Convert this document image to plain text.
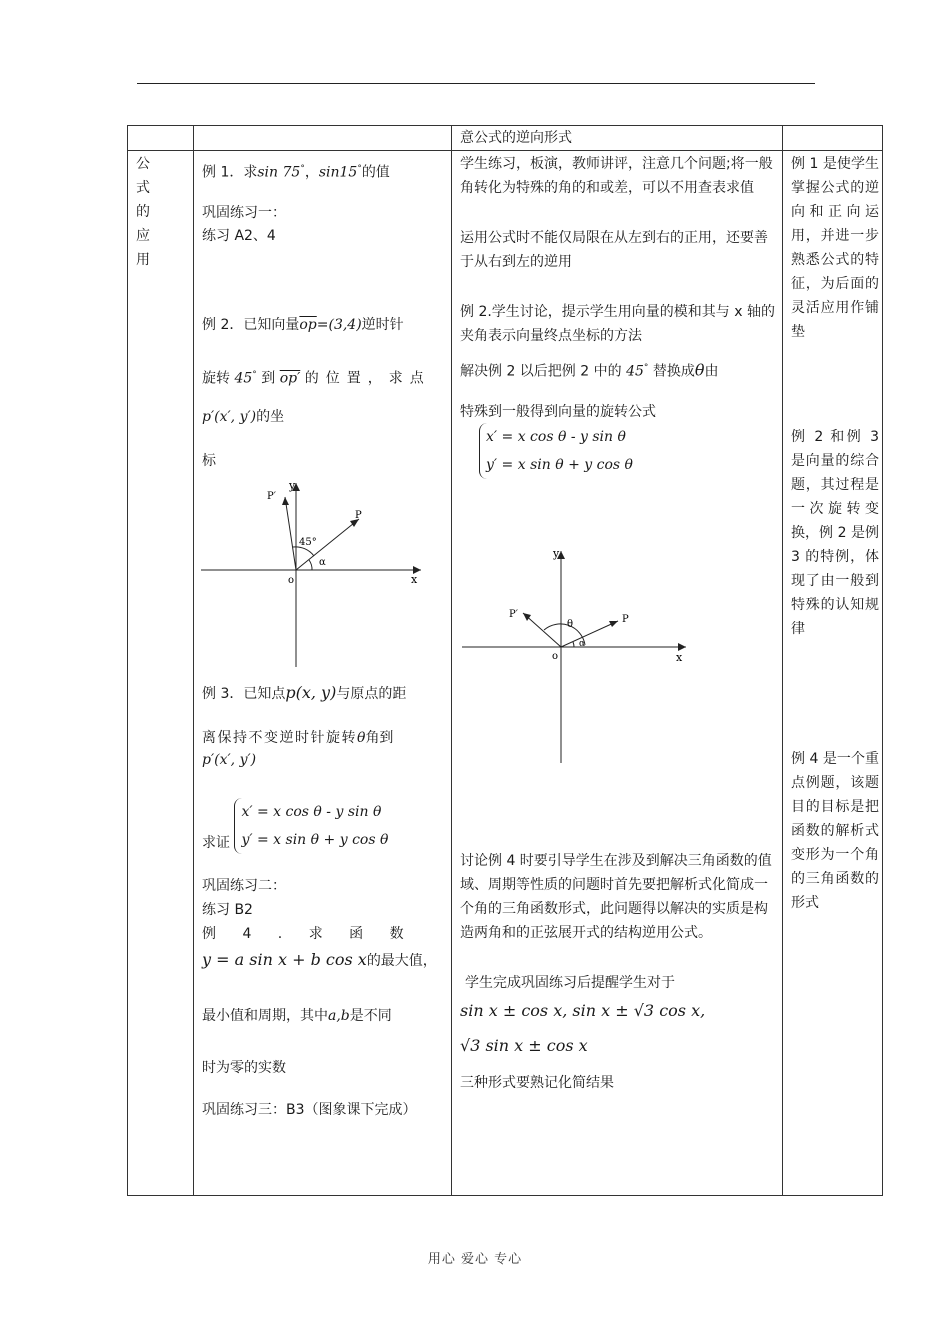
意公式的逆向形式
公
式
的
应
用
例 1．求sin 75°，sin15°的值
巩固练习一：
练习 A2、4
例 2．已知向量$\overline{op}=(3,4)$逆时针
旋转 45° 到 op′ 的位置，求点
p′(x′, y′)的坐
标
y
x
o
P
P′
45°
α
例 3．已知点p(x, y)与原点的距
离保持不变逆时针旋转θ角到
p′(x′, y′)
求证
x′ = x cos θ - y sin θ
y′ = x sin θ + y cos θ
巩固练习二：
练习 B2
例 4 . 求 函 数
y = a sin x + b cos x的最大值，
最小值和周期，其中a,b是不同
时为零的实数
巩固练习三：B3（图象课下完成）
学生练习，板演，教师讲评，注意几个问题;将一般角转化为特殊的角的和或差，可以不用查表求值
运用公式时不能仅局限在从左到右的正用，还要善于从右到左的逆用
例 2.学生讨论，提示学生用向量的模和其与 x 轴的夹角表示向量终点坐标的方法
解决例 2 以后把例 2 中的 45° 替换成θ由
特殊到一般得到向量的旋转公式
x′ = x cos θ - y sin θ
y′ = x sin θ + y cos θ
y
x
o
P
P′
θ
α
讨论例 4 时要引导学生在涉及到解决三角函数的值域、周期等性质的问题时首先要把解析式化简成一个角的三角函数形式，此问题得以解决的实质是构造两角和的正弦展开式的结构逆用公式。
学生完成巩固练习后提醒学生对于
sin x ± cos x, sin x ± √3 cos x,
√3 sin x ± cos x
三种形式要熟记化简结果
例 1 是使学生掌握公式的逆向和正向运用，并进一步熟悉公式的特征，为后面的灵活应用作铺垫
例 2 和例 3 是向量的综合题，其过程是一次旋转变换，例 2 是例 3 的特例，体现了由一般到特殊的认知规律
例 4 是一个重点例题，该题目的目标是把函数的解析式变形为一个角的三角函数的形式
用心 爱心 专心
